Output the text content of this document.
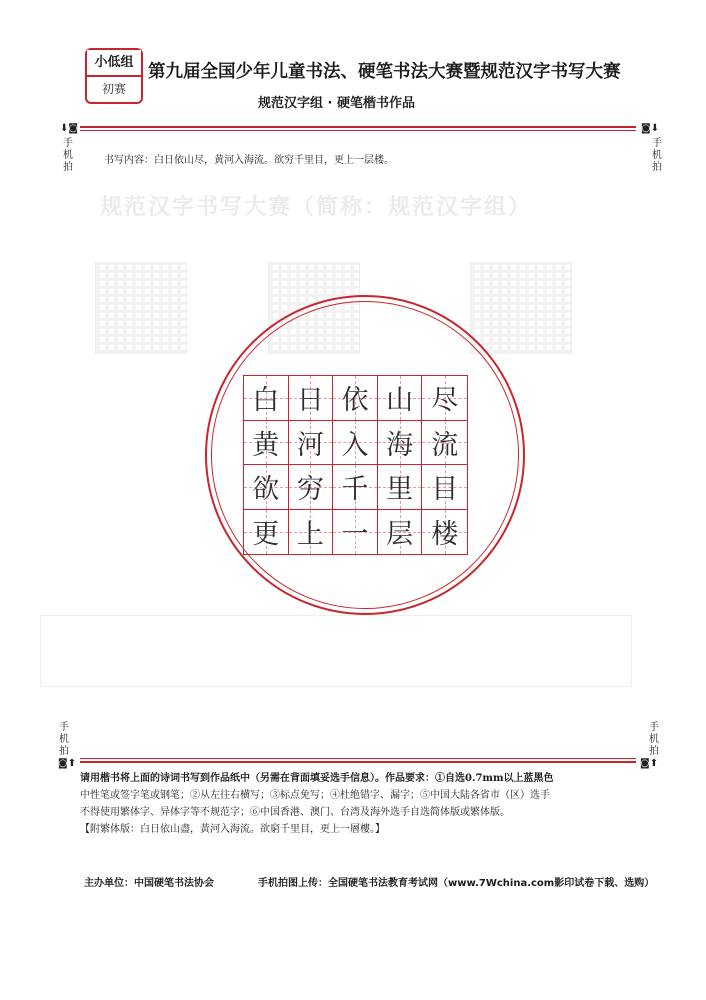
规范汉字书写大赛（简称：规范汉字组）
小低组
初赛
第九届全国少年儿童书法、硬笔书法大赛暨规范汉字书写大赛
规范汉字组 · 硬笔楷书作品
⬇◙
手
机
拍
◙⬇
手
机
拍
书写内容：白日依山尽，黄河入海流。欲穷千里目，更上一层楼。
白 日 依 山 尽
黄 河 入 海 流
欲 穷 千 里 目
更 上 一 层 楼
手
机
拍
◙⬆
手
机
拍
◙⬆

请用楷书将上面的诗词书写到作品纸中（另需在背面填妥选手信息）。作品要求：①自选0.7mm以上蓝黑色

中性笔或签字笔或钢笔；②从左往右横写；③标点免写；④杜绝错字、漏字；⑤中国大陆各省市（区）选手

不得使用繁体字、异体字等不规范字；⑥中国香港、澳门、台湾及海外选手自选简体版或繁体版。

【附繁体版：白日依山盡，黃河入海流。欲窮千里目，更上一層樓。】

主办单位：中国硬笔书法协会	手机拍图上传：全国硬笔书法教育考试网（www.7Wchina.com影印试卷下载、选购）
